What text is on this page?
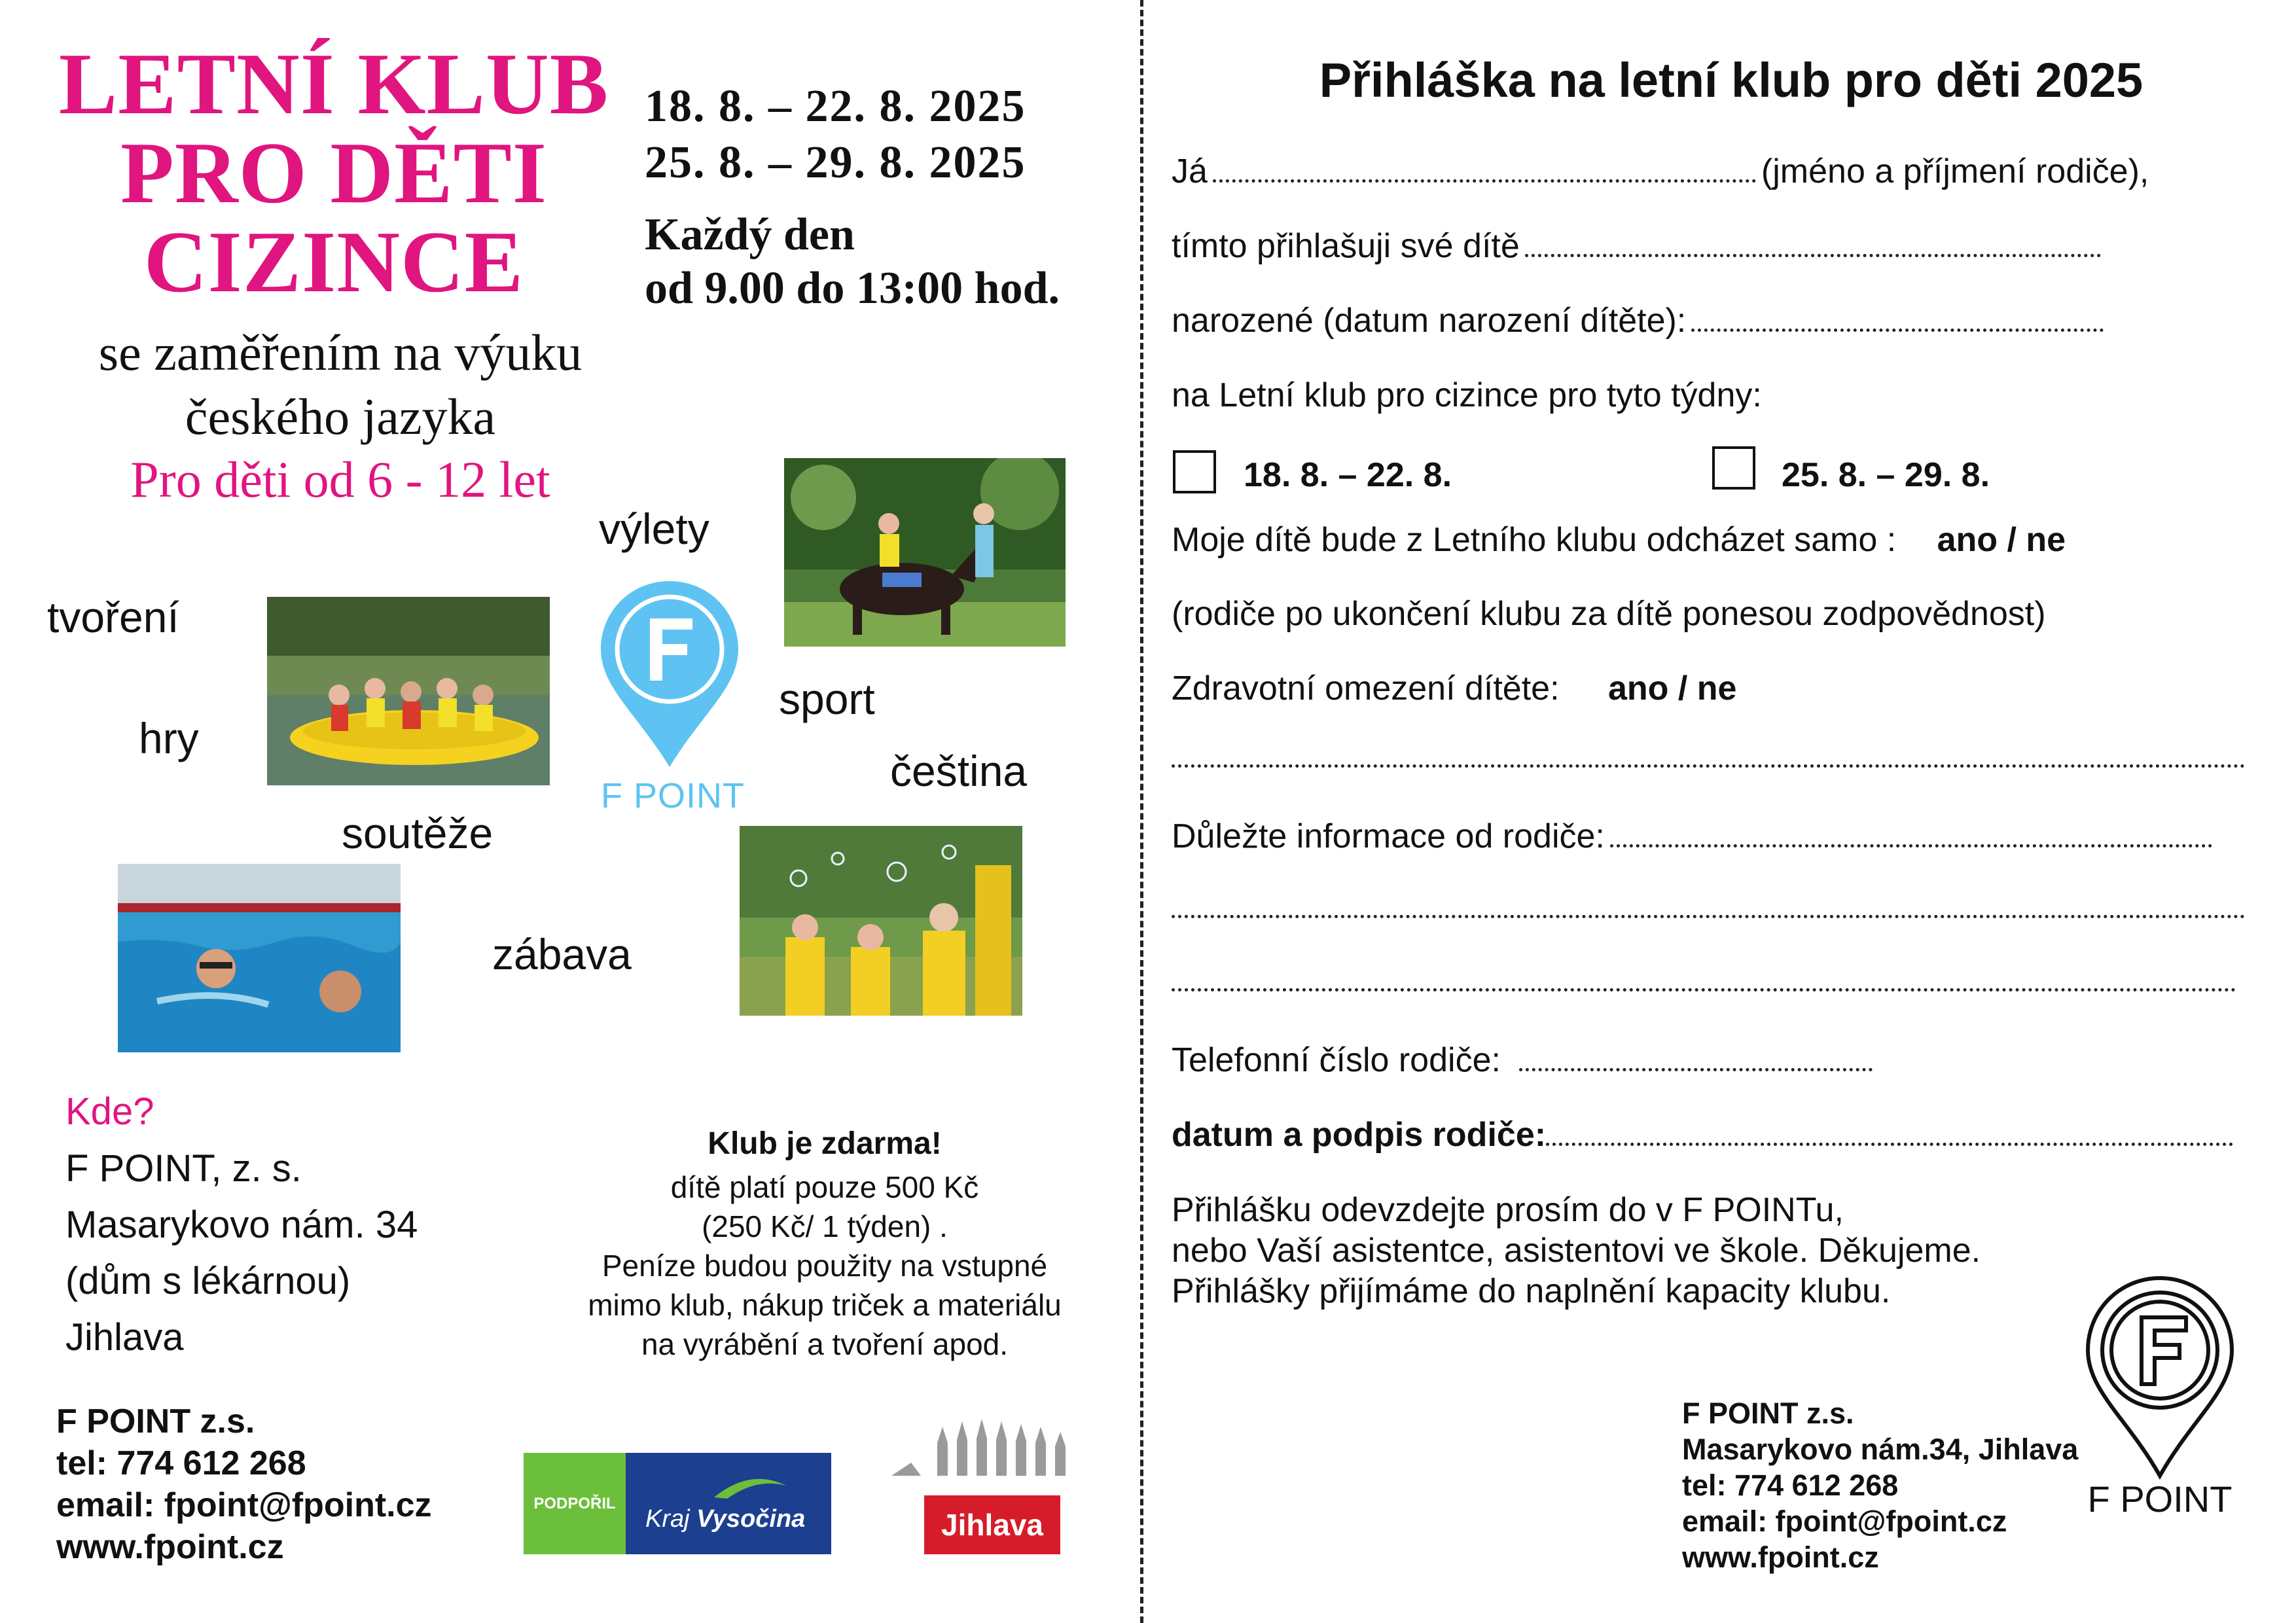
LETNÍ KLUB
PRO DĚTI
CIZINCE
se zaměřením na výuku
českého jazyka
Pro děti od 6 - 12 let
18. 8. – 22. 8. 2025
25. 8. – 29. 8. 2025
Každý den
od 9.00 do 13:00 hod.
výlety
tvoření
hry
sport
čeština
soutěže
zábava
F POINT
Kde?
F POINT, z. s.
Masarykovo nám. 34
(dům s lékárnou)
Jihlava
Klub je zdarma!
dítě platí pouze 500 Kč
(250 Kč/ 1 týden) .
Peníze budou použity na vstupné
mimo klub, nákup triček a materiálu
na vyrábění a tvoření apod.
F POINT z.s.
tel: 774 612 268
email: fpoint@fpoint.cz
www.fpoint.cz
PODPOŘIL
Kraj Vysočina	Jihlava
Přihláška na letní klub pro děti 2025
Já	(jméno a příjmení rodiče),
tímto přihlašuji své dítě
narozené (datum narození dítěte):
na Letní klub pro cizince pro tyto týdny:
18. 8. – 22. 8.	25. 8. – 29. 8.
Moje dítě bude z Letního klubu odcházet samo : ano / ne
(rodiče po ukončení klubu za dítě ponesou zodpovědnost)
Zdravotní omezení dítěte: ano / ne
Důležte informace od rodiče:
Telefonní číslo rodiče:
datum a podpis rodiče:
Přihlášku odevzdejte prosím do v F POINTu,
nebo Vaší asistentce, asistentovi ve škole. Děkujeme.
Přihlášky přijímáme do naplnění kapacity klubu.
F POINT z.s.
Masarykovo nám.34, Jihlava
tel: 774 612 268
email: fpoint@fpoint.cz
www.fpoint.cz
F POINT
